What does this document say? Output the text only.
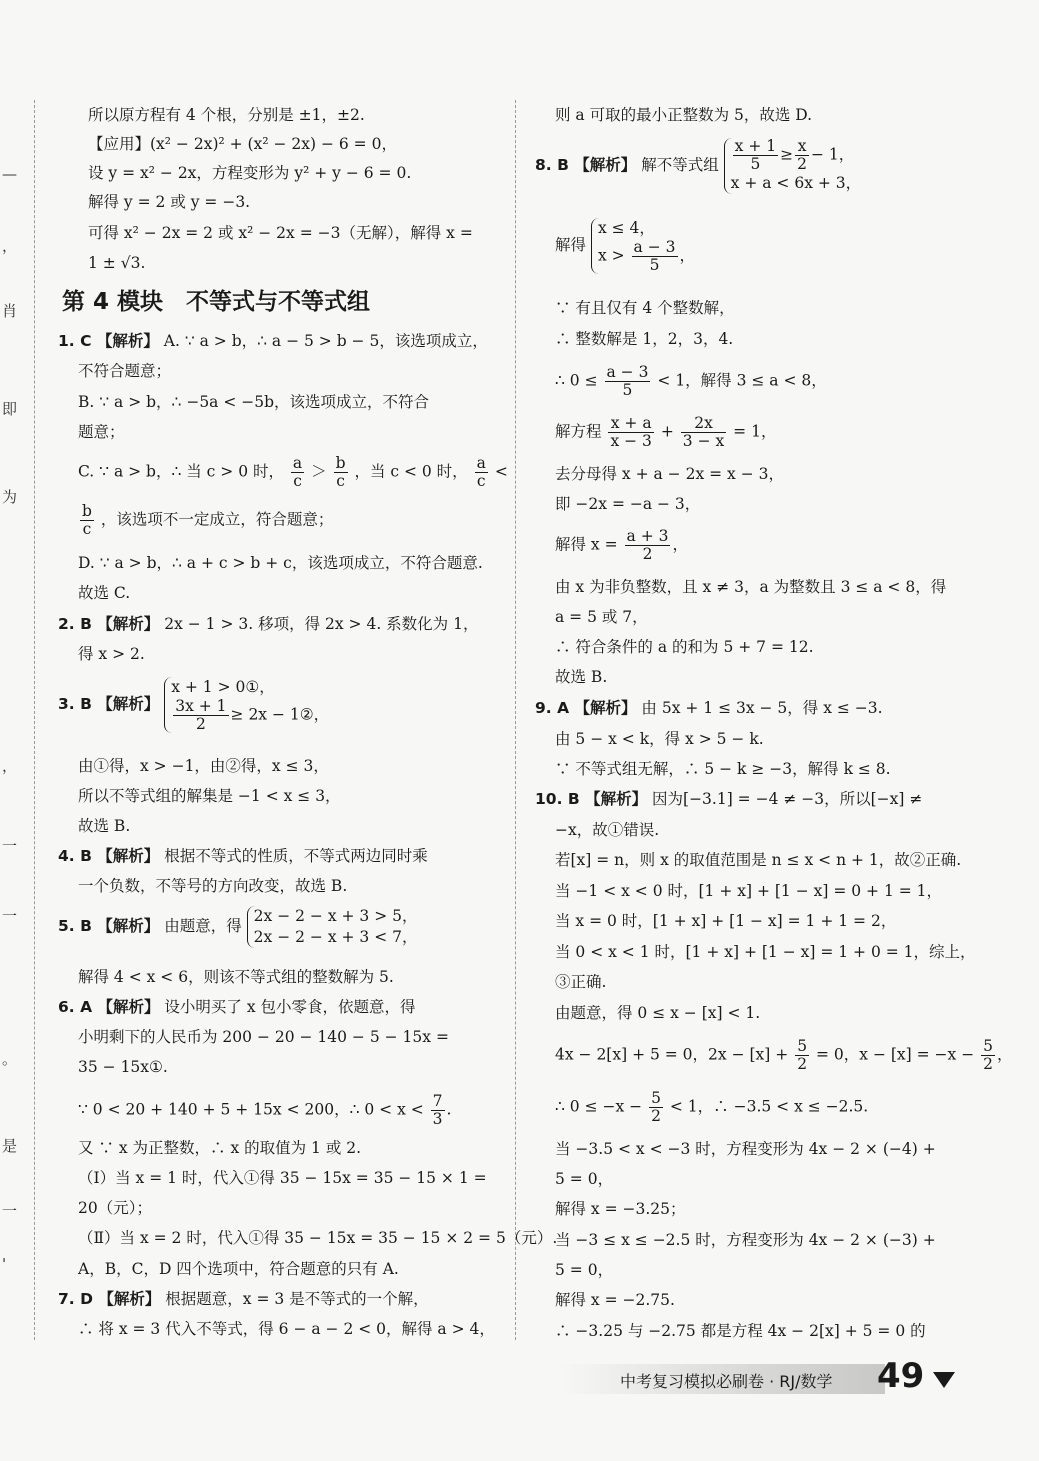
—
，
肖
即
为
，
一
一
。
是
一
'
所以原方程有 4 个根，分别是 ±1，±2.
【应用】(x² − 2x)² + (x² − 2x) − 6 = 0，
设 y = x² − 2x，方程变形为 y² + y − 6 = 0.
解得 y = 2 或 y = −3.
可得 x² − 2x = 2 或 x² − 2x = −3（无解），解得 x =
1 ± √3.
第 4 模块　不等式与不等式组
1. C 【解析】 A. ∵ a > b，∴ a − 5 > b − 5，该选项成立，
不符合题意；
B. ∵ a > b，∴ −5a < −5b，该选项成立，不符合
题意；
C. ∵ a > b，∴ 当 c > 0 时， $\frac{a}{c} > \frac{b}{c}$ ，当 c < 0 时， $\frac{a}{c}$ <
$\frac{b}{c}$ ，该选项不一定成立，符合题意；
D. ∵ a > b，∴ a + c > b + c，该选项成立，不符合题意.
故选 C.
2. B 【解析】 2x − 1 > 3. 移项，得 2x > 4. 系数化为 1，
得 x > 2.
3. B 【解析】
x + 1 > 0①，
$\frac{3x + 1}{2} \ge 2x$ − 1②，
由①得，x > −1，由②得，x ≤ 3，
所以不等式组的解集是 −1 < x ≤ 3，
故选 B.
4. B 【解析】 根据不等式的性质，不等式两边同时乘
一个负数，不等号的方向改变，故选 B.
5. B 【解析】 由题意，得
2x − 2 − x + 3 > 5，
2x − 2 − x + 3 < 7，
解得 4 < x < 6，则该不等式组的整数解为 5.
6. A 【解析】 设小明买了 x 包小零食，依题意，得
小明剩下的人民币为 200 − 20 − 140 − 5 − 15x =
35 − 15x①.
∵ 0 < 20 + 140 + 5 + 15x < 200，∴ $0 < x < \frac{7}{3}$ .
又 ∵ x 为正整数，∴ x 的取值为 1 或 2.
（Ⅰ）当 x = 1 时，代入①得 35 − 15x = 35 − 15 × 1 =
20（元）；
（Ⅱ）当 x = 2 时，代入①得 35 − 15x = 35 − 15 × 2 = 5（元）.
A，B，C，D 四个选项中，符合题意的只有 A.
7. D 【解析】 根据题意，x = 3 是不等式的一个解，
∴ 将 x = 3 代入不等式，得 6 − a − 2 < 0，解得 a > 4，
则 a 可取的最小正整数为 5，故选 D.
8. B 【解析】 解不等式组 $\frac{x + 1}{5} \ge \frac{x}{2} - 1$，
x + a < 6x + 3，
解得
x ≤ 4，
$x > \frac{a - 3}{5}$ ，
∵ 有且仅有 4 个整数解，
∴ 整数解是 1，2，3，4.
∴ $0 \le \frac{a - 3}{5} < 1$，解得 3 ≤ a < 8，
解方程 $\frac{x + a}{x - 3} + \frac{2x}{3 - x} = 1$，
去分母得 x + a − 2x = x − 3，
即 −2x = −a − 3，
解得 $x = \frac{a + 3}{2}$ ，
由 x 为非负整数，且 x ≠ 3，a 为整数且 3 ≤ a < 8，得
a = 5 或 7，
∴ 符合条件的 a 的和为 5 + 7 = 12.
故选 B.
9. A 【解析】 由 5x + 1 ≤ 3x − 5，得 x ≤ −3.
由 5 − x < k，得 x > 5 − k.
∵ 不等式组无解，∴ 5 − k ≥ −3，解得 k ≤ 8.
10. B 【解析】 因为[−3.1] = −4 ≠ −3，所以[−x] ≠
−x，故①错误.
若[x] = n，则 x 的取值范围是 n ≤ x < n + 1，故②正确.
当 −1 < x < 0 时，[1 + x] + [1 − x] = 0 + 1 = 1，
当 x = 0 时，[1 + x] + [1 − x] = 1 + 1 = 2，
当 0 < x < 1 时，[1 + x] + [1 − x] = 1 + 0 = 1，综上，
③正确.
由题意，得 0 ≤ x − [x] < 1.
4x − 2[x] + 5 = 0，$2x - [x] + \frac{5}{2} = 0$，$x - [x] = -x - \frac{5}{2}$ ，
∴ $0 \le -x - \frac{5}{2} < 1$，∴ −3.5 < x ≤ −2.5.
当 −3.5 < x < −3 时，方程变形为 4x − 2 × (−4) +
5 = 0，
解得 x = −3.25；
当 −3 ≤ x ≤ −2.5 时，方程变形为 4x − 2 × (−3) +
5 = 0，
解得 x = −2.75.
∴ −3.25 与 −2.75 都是方程 4x − 2[x] + 5 = 0 的
中考复习模拟必刷卷 · RJ/数学 49
